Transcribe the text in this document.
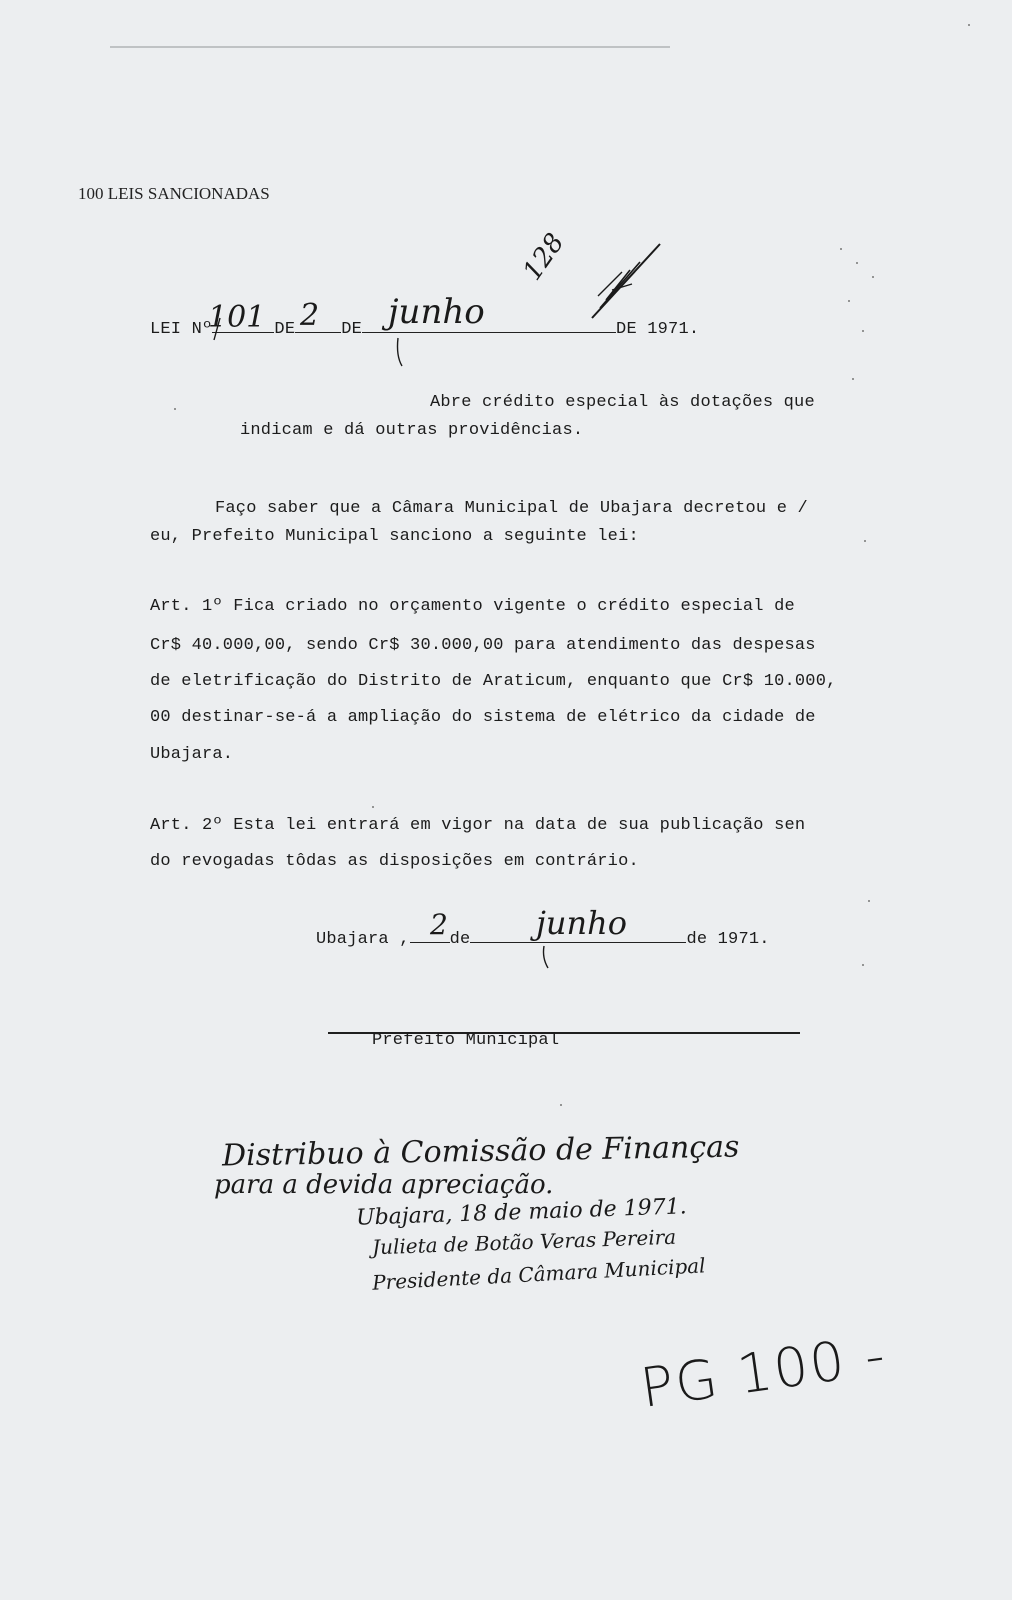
100 LEIS SANCIONADAS
LEI Nº	DE	DE	DE 1971.
101 2 junho
128
Abre crédito especial às dotações que
indicam e dá outras providências.
Faço saber que a Câmara Municipal de Ubajara decretou e /
eu, Prefeito Municipal sanciono a seguinte lei:
Art. 1º Fica criado no orçamento vigente o crédito especial de
Cr$ 40.000,00, sendo Cr$ 30.000,00 para atendimento das despesas
de eletrificação do Distrito de Araticum, enquanto que Cr$ 10.000,
00 destinar-se-á a ampliação do sistema de elétrico da cidade de
Ubajara.
Art. 2º Esta lei entrará em vigor na data de sua publicação sen
do revogadas tôdas as disposições em contrário.
Ubajara , de	de 1971.
2	junho
Prefeito Municipal
Distribuo à Comissão de Finanças
para a devida apreciação.
Ubajara, 18 de maio de 1971.
Julieta de Botão Veras Pereira
Presidente da Câmara Municipal
PG 100 -
